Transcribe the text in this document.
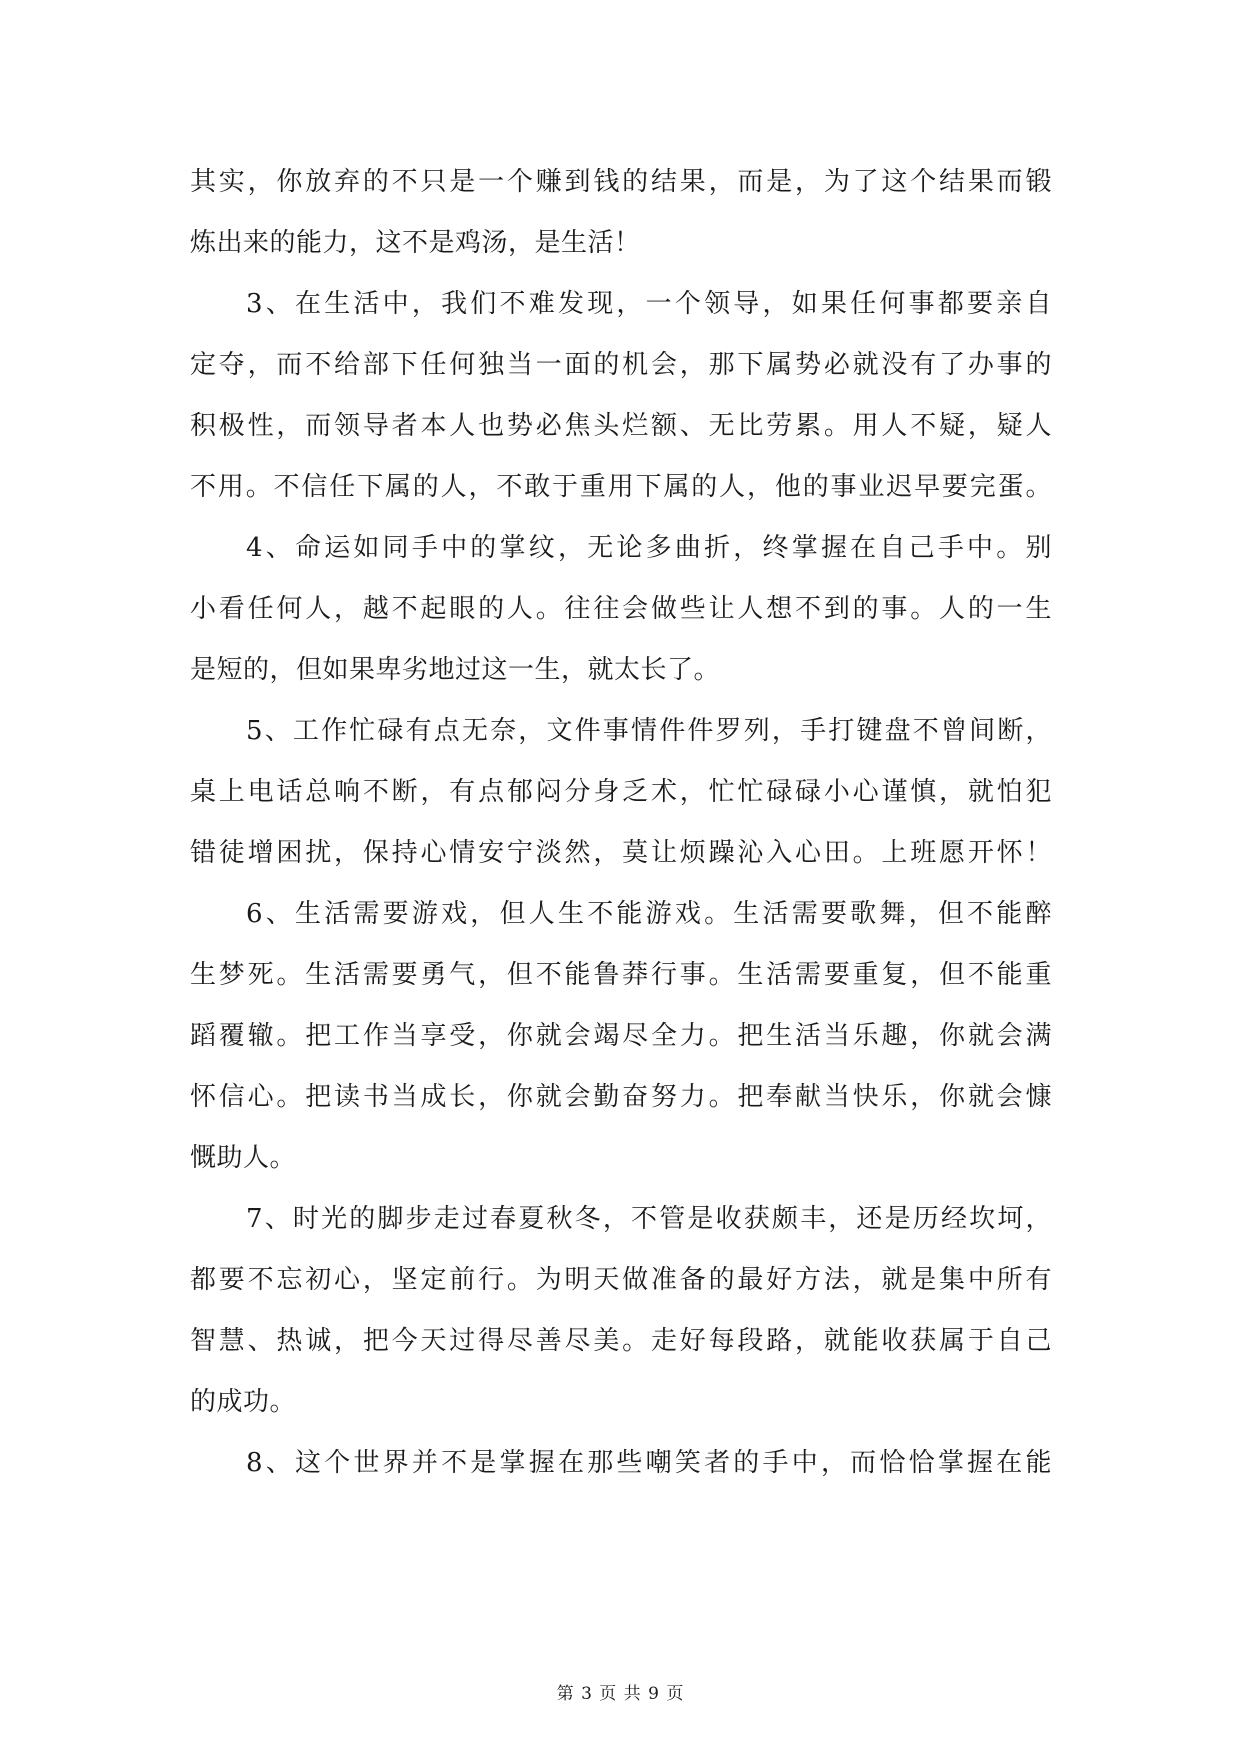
其实，你放弃的不只是一个赚到钱的结果，而是，为了这个结果而锻
炼出来的能力，这不是鸡汤，是生活！
3、在生活中，我们不难发现，一个领导，如果任何事都要亲自
定夺，而不给部下任何独当一面的机会，那下属势必就没有了办事的
积极性，而领导者本人也势必焦头烂额、无比劳累。用人不疑，疑人
不用。不信任下属的人，不敢于重用下属的人，他的事业迟早要完蛋。
4、命运如同手中的掌纹，无论多曲折，终掌握在自己手中。别
小看任何人，越不起眼的人。往往会做些让人想不到的事。人的一生
是短的，但如果卑劣地过这一生，就太长了。
5、工作忙碌有点无奈，文件事情件件罗列，手打键盘不曾间断，
桌上电话总响不断，有点郁闷分身乏术，忙忙碌碌小心谨慎，就怕犯
错徒增困扰，保持心情安宁淡然，莫让烦躁沁入心田。上班愿开怀！
6、生活需要游戏，但人生不能游戏。生活需要歌舞，但不能醉
生梦死。生活需要勇气，但不能鲁莽行事。生活需要重复，但不能重
蹈覆辙。把工作当享受，你就会竭尽全力。把生活当乐趣，你就会满
怀信心。把读书当成长，你就会勤奋努力。把奉献当快乐，你就会慷
慨助人。
7、时光的脚步走过春夏秋冬，不管是收获颇丰，还是历经坎坷，
都要不忘初心，坚定前行。为明天做准备的最好方法，就是集中所有
智慧、热诚，把今天过得尽善尽美。走好每段路，就能收获属于自己
的成功。
8、这个世界并不是掌握在那些嘲笑者的手中，而恰恰掌握在能
第 3 页 共 9 页
